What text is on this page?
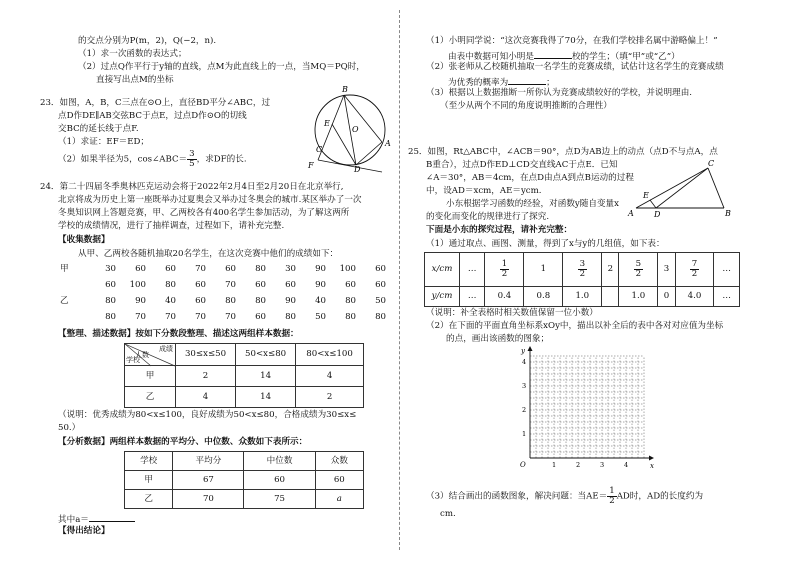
的交点分别为P(m，2)，Q(−2，n).
（1）求一次函数的表达式；
（2）过点Q作平行于y轴的直线，点M为此直线上的一点，当MQ＝PQ时，
直接写出点M的坐标
23．如图，A，B，C三点在⊙O上，直径BD平分∠ABC，过
点D作DE∥AB交弦BC于点E，过点D作⊙O的切线
交BC的延长线于点F.
（1）求证：EF＝ED；
（2）如果半径为5，cos∠ABC＝ $\frac{3}{5}$ ，求DF的长.
B
E
O
C
A
F	D
24．第二十四届冬季奥林匹克运动会将于2022年2月4日至2月20日在北京举行,
北京将成为历史上第一座既举办过夏奥会又举办过冬奥会的城市.某区举办了一次
冬奥知识网上答题竞赛，甲、乙两校各有400名学生参加活动，为了解这两所
学校的成绩情况，进行了抽样调查，过程如下，请补充完整.
【收集数据】
从甲、乙两校各随机抽取20名学生，在这次竞赛中他们的成绩如下：
甲	30 60 60 70 60 80 30 90 100 60
60 100 80 60 70 60 60 90 60 60
乙	80 90 40 60 80 80 90 40 80 50
80 70 70 70 70 60 80 50 80 80
【整理、描述数据】按如下分数段整理、描述这两组样本数据：
成绩
人数
学校	30≤x≤50	50<x≤80	80<x≤100
甲	2	14	4
乙	4	14	2
（说明：优秀成绩为80<x≤100，良好成绩为50<x≤80，合格成绩为30≤x≤
50.）
【分析数据】两组样本数据的平均分、中位数、众数如下表所示：
学校	平均分	中位数	众数
甲	67	60	60
乙	70	75	a
其中a＝
【得出结论】
（1）小明同学说：“这次竞赛我得了70分，在我们学校排名属中游略偏上！”
由表中数据可知小明是	校的学生；（填“甲”或“乙”）
（2）张老师从乙校随机抽取一名学生的竞赛成绩，试估计这名学生的竞赛成绩
为优秀的概率为	；
（3）根据以上数据推断一所你认为竞赛成绩较好的学校，并说明理由.
（至少从两个不同的角度说明推断的合理性）
25．如图，Rt△ABC中，∠ACB＝90°，点D为AB边上的动点（点D不与点A，点
B重合），过点D作ED⊥CD交直线AC于点E．已知
∠A＝30°，AB＝4cm，在点D由点A到点B运动的过程
中，设AD＝xcm，AE＝ycm.
小东根据学习函数的经验，对函数y随自变量x
的变化而变化的规律进行了探究.
下面是小东的探究过程，请补充完整：
（1）通过取点、画图、测量，得到了x与y的几组值，如下表：
A	B
C
D
E
x/cm	…	$\frac{1}{2}$	1	$\frac{3}{2}$	2	$\frac{5}{2}$	3	$\frac{7}{2}$	…
y/cm	…	0.4	0.8	1.0		1.0	0	4.0	…
（说明：补全表格时相关数值保留一位小数）
（2）在下面的平面直角坐标系xOy中，描出以补全后的表中各对对应值为坐标
的点，画出该函数的图象；
O	x
y
1	2	3	4
1
2
3
4
（3）结合画出的函数图象，解决问题：当$AE= \frac{1}{2}$ AD时，AD的长度约为
cm.
